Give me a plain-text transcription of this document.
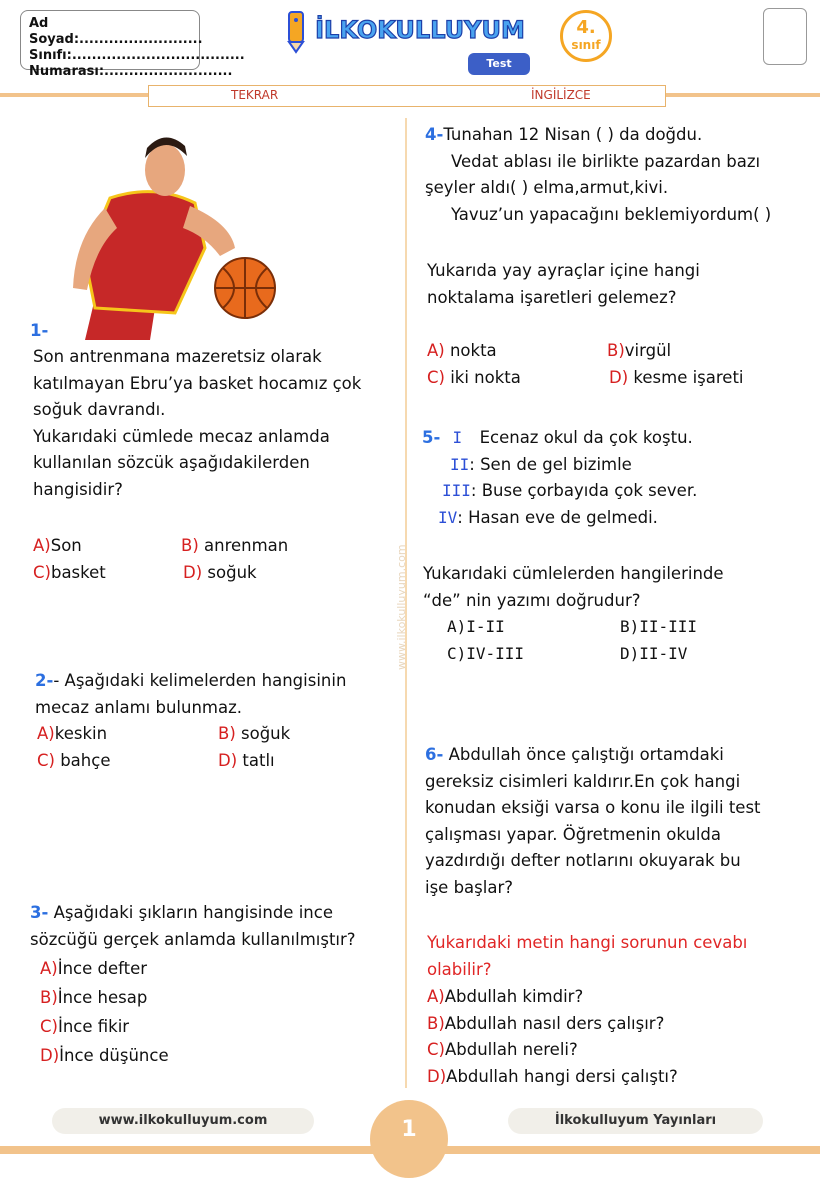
Ad Soyad:.........................
Sınıfı:...................................
Numarası:..........................
İLKOKULLUYUM
Test
4.
sınıf
TEKRAR	İNGİLİZCE
www.ilkokulluyum.com
1-
Son antrenmana mazeretsiz olarak
katılmayan Ebru’ya basket hocamız çok
soğuk davrandı.
Yukarıdaki cümlede mecaz anlamda
kullanılan sözcük aşağıdakilerden
hangisidir?
A)Son	B) anrenman
C)basket	D) soğuk
2-- Aşağıdaki kelimelerden hangisinin
mecaz anlamı bulunmaz.
A)keskin	B) soğuk
C) bahçe	D) tatlı
3- Aşağıdaki şıkların hangisinde ince
sözcüğü gerçek anlamda kullanılmıştır?
A)İnce defter
B)İnce hesap
C)İnce fikir
D)İnce düşünce
4-Tunahan 12 Nisan ( ) da doğdu.
Vedat ablası ile birlikte pazardan bazı
şeyler aldı( ) elma,armut,kivi.
Yavuz’un yapacağını beklemiyordum( )
Yukarıda yay ayraçlar içine hangi
noktalama işaretleri gelemez?
A) nokta	B)virgül
C) iki nokta	D) kesme işareti
5- I Ecenaz okul da çok koştu.
II: Sen de gel bizimle
III: Buse çorbayıda çok sever.
IV: Hasan eve de gelmedi.
Yukarıdaki cümlelerden hangilerinde
“de” nin yazımı doğrudur?
A)I-II	B)II-III
C)IV-III	D)II-IV
6- Abdullah önce çalıştığı ortamdaki
gereksiz cisimleri kaldırır.En çok hangi
konudan eksiği varsa o konu ile ilgili test
çalışması yapar. Öğretmenin okulda
yazdırdığı defter notlarını okuyarak bu
işe başlar?
Yukarıdaki metin hangi sorunun cevabı
olabilir?
A)Abdullah kimdir?
B)Abdullah nasıl ders çalışır?
C)Abdullah nereli?
D)Abdullah hangi dersi çalıştı?
1
www.ilkokulluyum.com	İlkokulluyum Yayınları
